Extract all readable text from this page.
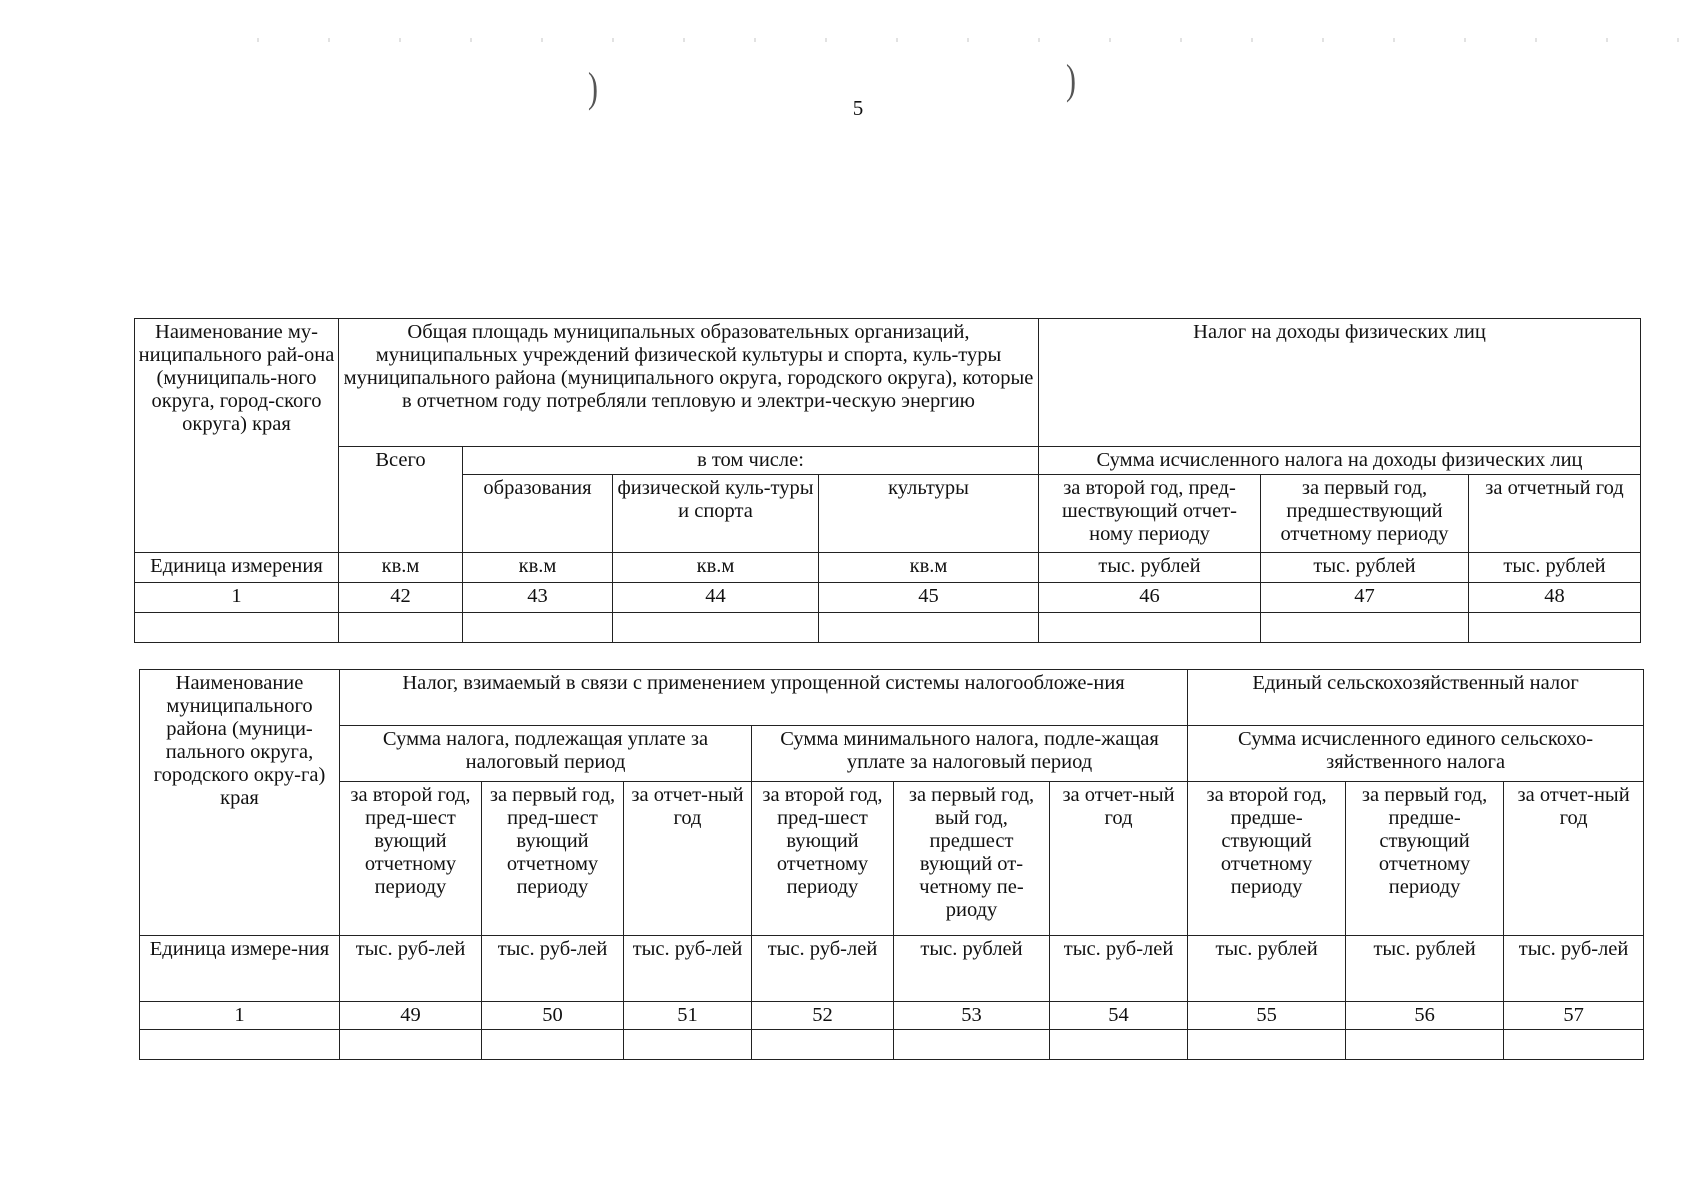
)	)
5
Наименование му-ниципального рай-она (муниципаль-ного округа, город-ского округа) края	Общая площадь муниципальных образовательных организаций, муниципальных учреждений физической культуры и спорта, куль-туры муниципального района (муниципального округа, городского округа), которые в отчетном году потребляли тепловую и электри-ческую энергию				Налог на доходы физических лиц		
	Всего	в том числе:			Сумма исчисленного налога на доходы физических лиц		
		образования	физической куль-туры и спорта	культуры	за второй год, пред-шествующий отчет-ному периоду	за первый год, предшествующий отчетному периоду	за отчетный год
Единица измерения	кв.м	кв.м	кв.м	кв.м	тыс. рублей	тыс. рублей	тыс. рублей
1	42	43	44	45	46	47	48

Наименование муниципального района (муници-пального округа, городского окру-га) края	Налог, взимаемый в связи с применением упрощенной системы налогообложе-ния						Единый сельскохозяйственный налог		
	Сумма налога, подлежащая уплате за налоговый период			Сумма минимального налога, подле-жащая уплате за налоговый период			Сумма исчисленного единого сельскохо-зяйственного налога		
	за второй год, пред-шест вующий отчетному периоду	за первый год, пред-шест вующий отчетному периоду	за отчет-ный год	за второй год, пред-шест вующий отчетному периоду	за первый год, вый год, предшест вующий от-четному пе-риоду	за отчет-ный год	за второй год, предше-ствующий отчетному периоду	за первый год, предше-ствующий отчетному периоду	за отчет-ный год
Единица измере-ния	тыс. руб-лей	тыс. руб-лей	тыс. руб-лей	тыс. руб-лей	тыс. рублей	тыс. руб-лей	тыс. рублей	тыс. рублей	тыс. руб-лей
1	49	50	51	52	53	54	55	56	57
